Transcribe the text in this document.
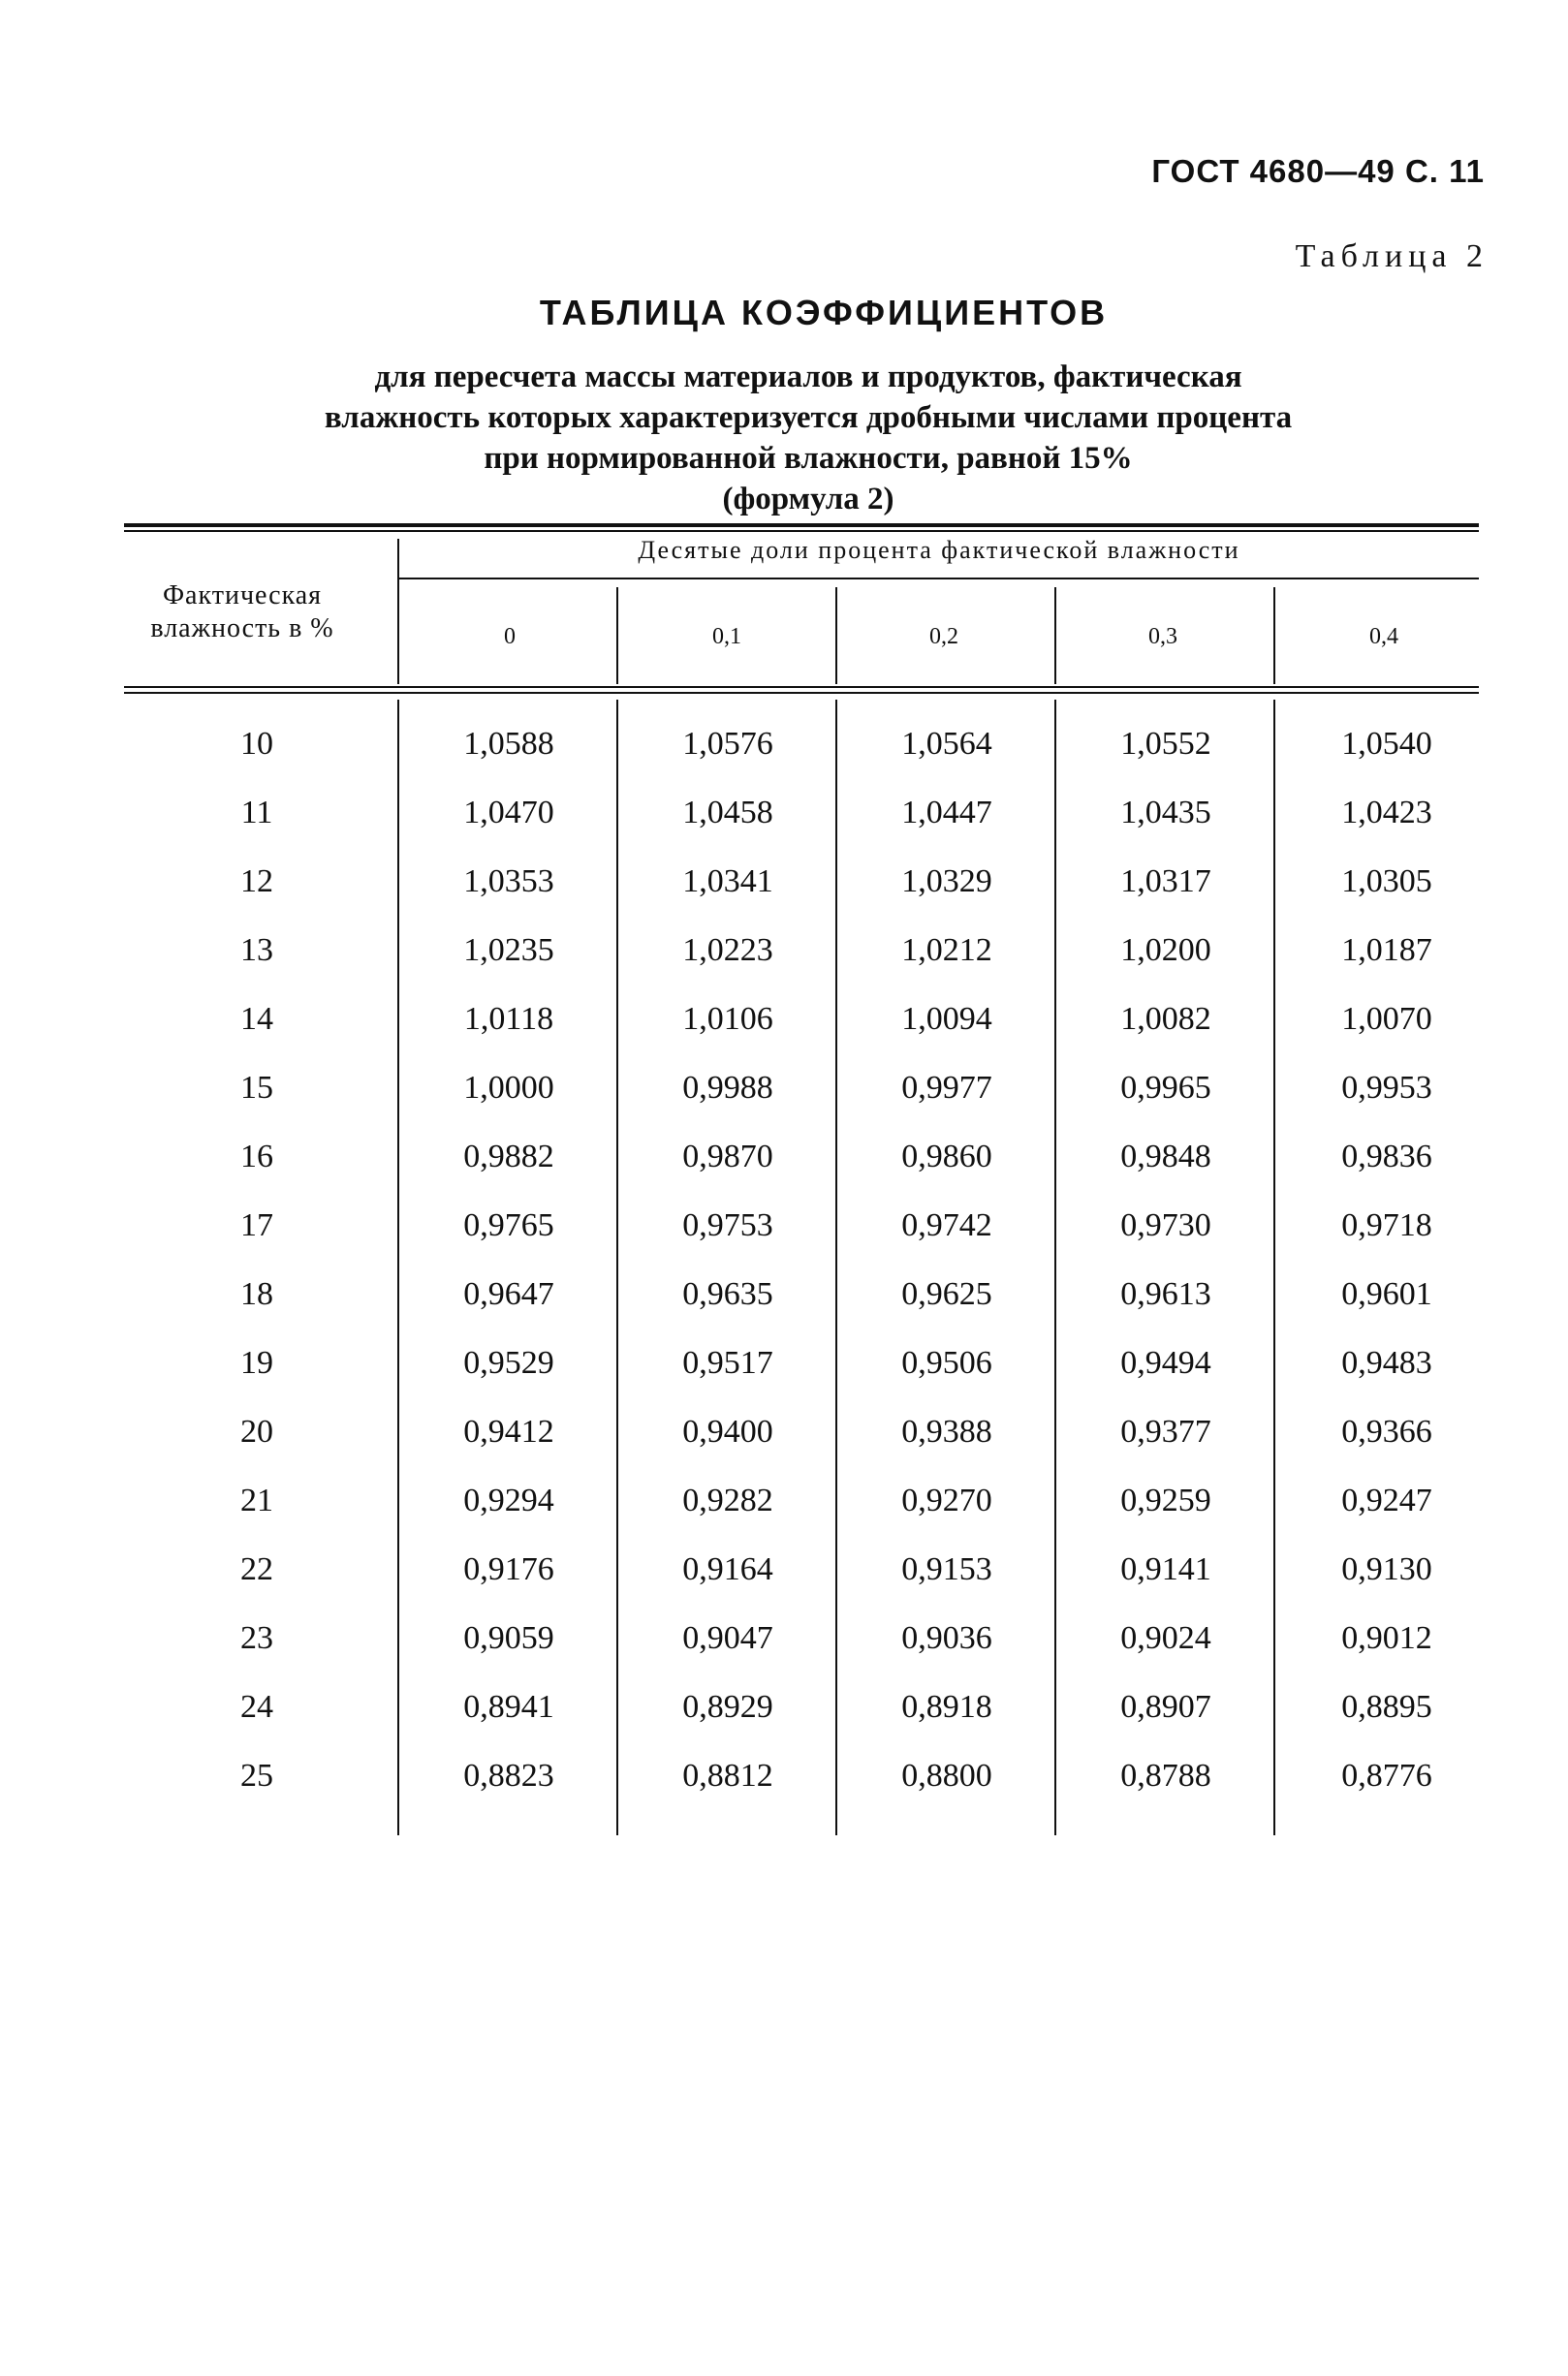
ГОСТ 4680—49 С. 11
Таблица 2
ТАБЛИЦА КОЭФФИЦИЕНТОВ
для пересчета массы материалов и продуктов, фактическая
влажность которых характеризуется дробными числами процента
при нормированной влажности, равной 15%
(формула 2)
Фактическая
влажность в %
Десятые доли процента фактической влажности
0	0,1	0,2	0,3	0,4
10	1,0588	1,0576	1,0564	1,0552	1,0540
11	1,0470	1,0458	1,0447	1,0435	1,0423
12	1,0353	1,0341	1,0329	1,0317	1,0305
13	1,0235	1,0223	1,0212	1,0200	1,0187
14	1,0118	1,0106	1,0094	1,0082	1,0070
15	1,0000	0,9988	0,9977	0,9965	0,9953
16	0,9882	0,9870	0,9860	0,9848	0,9836
17	0,9765	0,9753	0,9742	0,9730	0,9718
18	0,9647	0,9635	0,9625	0,9613	0,9601
19	0,9529	0,9517	0,9506	0,9494	0,9483
20	0,9412	0,9400	0,9388	0,9377	0,9366
21	0,9294	0,9282	0,9270	0,9259	0,9247
22	0,9176	0,9164	0,9153	0,9141	0,9130
23	0,9059	0,9047	0,9036	0,9024	0,9012
24	0,8941	0,8929	0,8918	0,8907	0,8895
25	0,8823	0,8812	0,8800	0,8788	0,8776
